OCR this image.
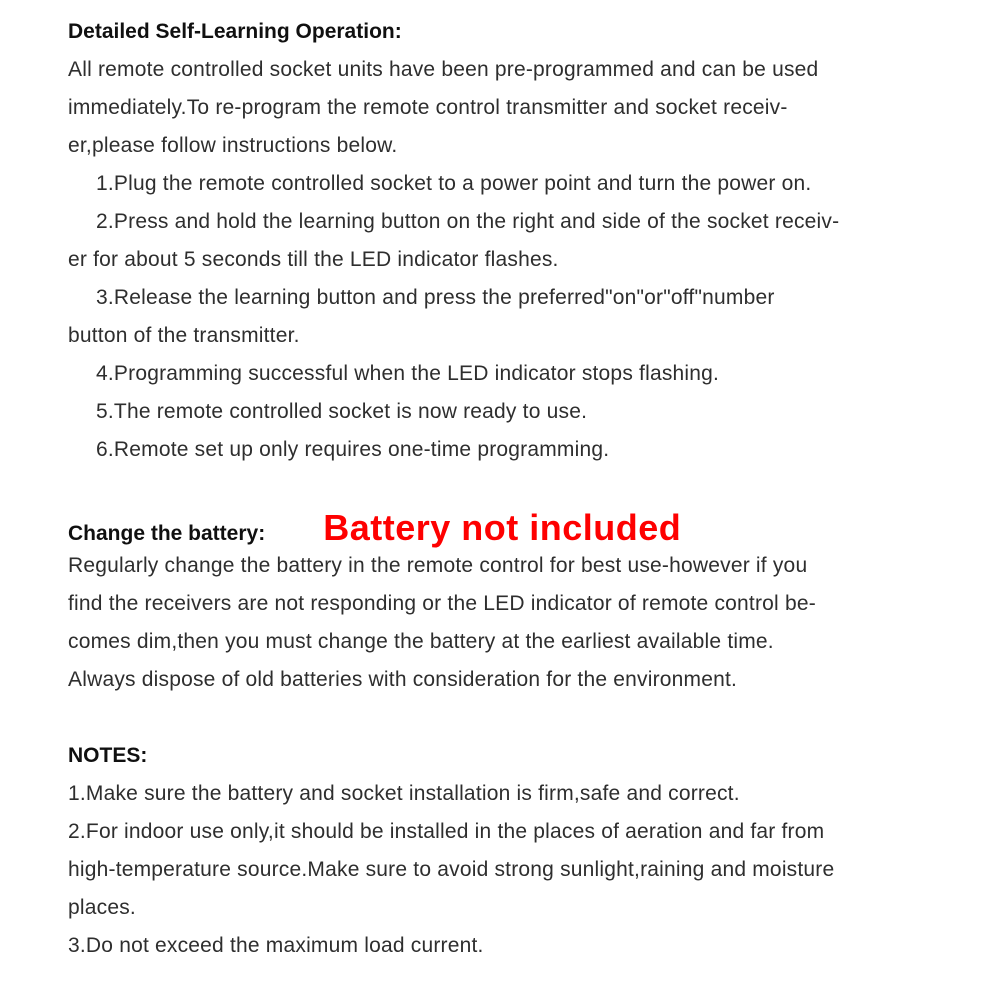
Detailed Self-Learning Operation:
All remote controlled socket units have been pre-programmed and can be used
immediately.To re-program the remote control transmitter and socket receiv-
er,please follow instructions below.
1.Plug the remote controlled socket to a power point and turn the power on.
2.Press and hold the learning button on the right and side of the socket receiv-
er for about 5 seconds till the LED indicator flashes.
3.Release the learning button and press the preferred"on"or"off"number
button of the transmitter.
4.Programming successful when the LED indicator stops flashing.
5.The remote controlled socket is now ready to use.
6.Remote set up only requires one-time programming.
Change the battery: Battery not included
Regularly change the battery in the remote control for best use-however if you
find the receivers are not responding or the LED indicator of remote control be-
comes dim,then you must change the battery at the earliest available time.
Always dispose of old batteries with consideration for the environment.
NOTES:
1.Make sure the battery and socket installation is firm,safe and correct.
2.For indoor use only,it should be installed in the places of aeration and far from
high-temperature source.Make sure to avoid strong sunlight,raining and moisture
places.
3.Do not exceed the maximum load current.
